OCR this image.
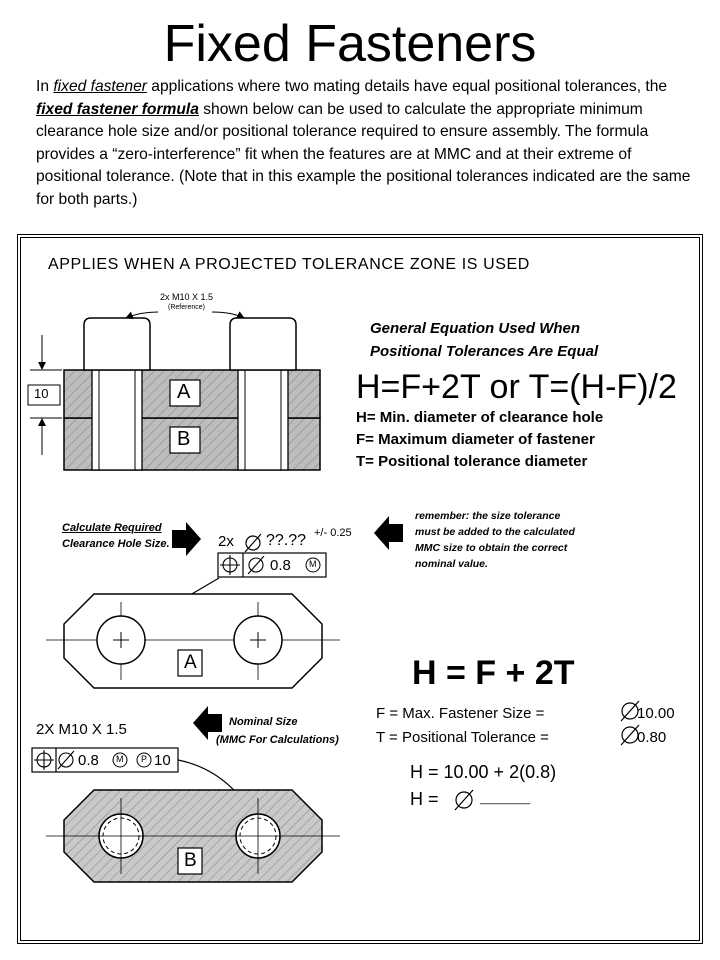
Fixed Fasteners
In fixed fastener applications where two mating details have equal positional tolerances, the fixed fastener formula shown below can be used to calculate the appropriate minimum clearance hole size and/or positional tolerance required to ensure assembly. The formula provides a “zero-interference” fit when the features are at MMC and at their extreme of positional tolerance. (Note that in this example the positional tolerances indicated are the same for both parts.)
APPLIES WHEN A PROJECTED TOLERANCE ZONE IS USED
2x M10 X 1.5
(Reference)
10	A
B
General Equation Used When
Positional Tolerances Are Equal
H=F+2T or T=(H-F)/2
H= Min. diameter of clearance hole
F= Maximum diameter of fastener
T= Positional tolerance diameter
Calculate Required
Clearance Hole Size.	2x ??.?? +/- 0.25
0.8 M
remember: the size tolerance
must be added to the calculated
MMC size to obtain the correct
nominal value.
A	H = F + 2T
F = Max. Fastener Size =	10.00
T = Positional Tolerance =	0.80
H = 10.00 + 2(0.8)
H = _____
2X M10 X 1.5
0.8 M P 10
Nominal Size
(MMC For Calculations)
B
